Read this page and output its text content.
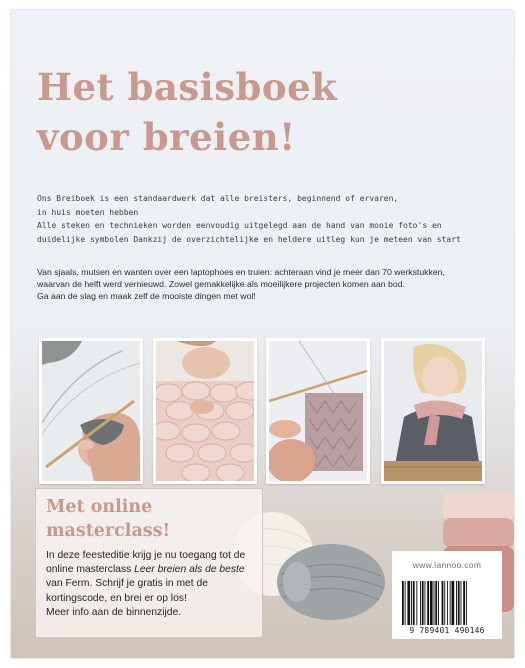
Het basisboek
voor breien!

Ons Breiboek is een standaardwerk dat alle breisters, beginnend of ervaren,

in huis moeten hebben

Alle steken en technieken worden eenvoudig uitgelegd aan de hand van mooie foto's en

duidelijke symbolen Dankzij de overzichtelijke en heldere uitleg kun je meteen van start

Van sjaals, mutsen en wanten over een laptophoes en truien: achteraan vind je meer dan 70 werkstukken,

waarvan de helft werd vernieuwd. Zowel gemakkelijke als moeilijkere projecten komen aan bod.

Ga aan de slag en maak zelf de mooiste dingen met wol!

Met online
masterclass!
In deze feesteditie krijg je nu toegang tot de online masterclass Leer breien als de beste van Ferm. Schrijf je gratis in met de kortingscode, en brei er op los!
Meer info aan de binnenzijde.
www.lannoo.com
9 789401 490146
